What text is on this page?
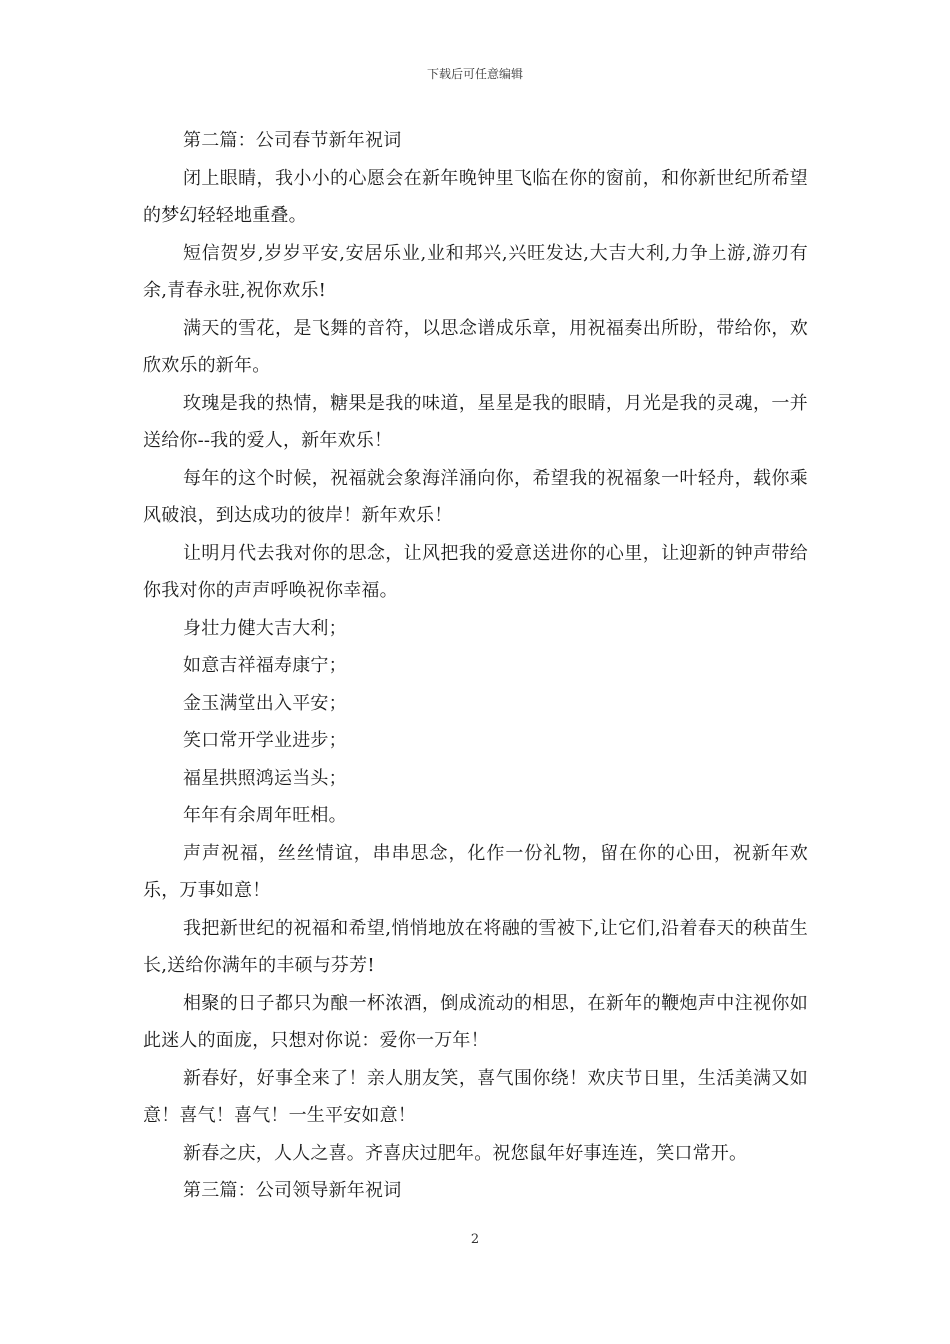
下载后可任意编辑

第二篇：公司春节新年祝词

闭上眼睛，我小小的心愿会在新年晚钟里飞临在你的窗前，和你新世纪所希望的梦幻轻轻地重叠。

短信贺岁,岁岁平安,安居乐业,业和邦兴,兴旺发达,大吉大利,力争上游,游刃有余,青春永驻,祝你欢乐!

满天的雪花，是飞舞的音符，以思念谱成乐章，用祝福奏出所盼，带给你，欢欣欢乐的新年。

玫瑰是我的热情，糖果是我的味道，星星是我的眼睛，月光是我的灵魂，一并送给你--我的爱人，新年欢乐！

每年的这个时候，祝福就会象海洋涌向你，希望我的祝福象一叶轻舟，载你乘风破浪，到达成功的彼岸！新年欢乐！

让明月代去我对你的思念，让风把我的爱意送进你的心里，让迎新的钟声带给你我对你的声声呼唤祝你幸福。

身壮力健大吉大利；

如意吉祥福寿康宁；

金玉满堂出入平安；

笑口常开学业进步；

福星拱照鸿运当头；

年年有余周年旺相。

声声祝福，丝丝情谊，串串思念，化作一份礼物，留在你的心田，祝新年欢乐，万事如意！

我把新世纪的祝福和希望,悄悄地放在将融的雪被下,让它们,沿着春天的秧苗生长,送给你满年的丰硕与芬芳!

相聚的日子都只为酿一杯浓酒，倒成流动的相思，在新年的鞭炮声中注视你如此迷人的面庞，只想对你说：爱你一万年！

新春好，好事全来了！亲人朋友笑，喜气围你绕！欢庆节日里，生活美满又如意！喜气！喜气！一生平安如意！

新春之庆，人人之喜。齐喜庆过肥年。祝您鼠年好事连连，笑口常开。

第三篇：公司领导新年祝词

2
